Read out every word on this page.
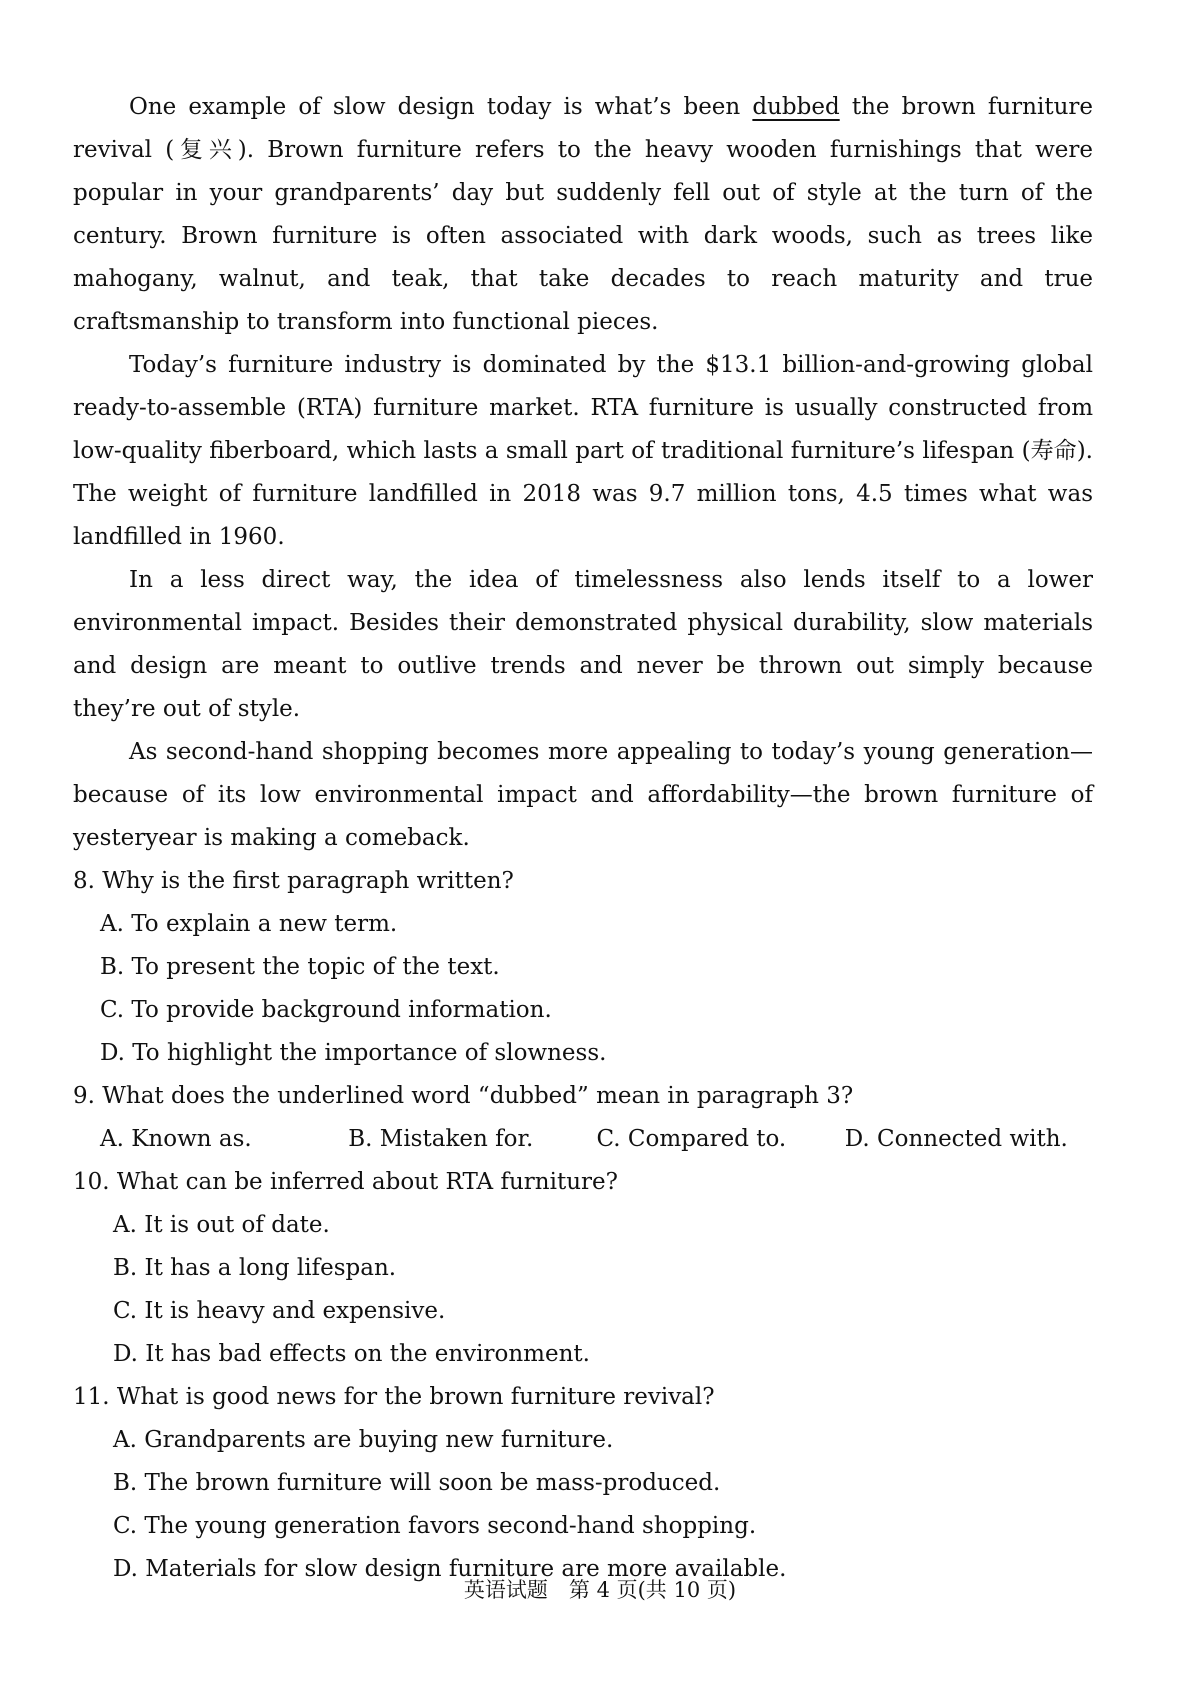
One example of slow design today is what’s been dubbed the brown furniture revival (复兴). Brown furniture refers to the heavy wooden furnishings that were popular in your grandparents’ day but suddenly fell out of style at the turn of the century. Brown furniture is often associated with dark woods, such as trees like mahogany, walnut, and teak, that take decades to reach maturity and true craftsmanship to transform into functional pieces.

Today’s furniture industry is dominated by the $13.1 billion-and-growing global ready-to-assemble (RTA) furniture market. RTA furniture is usually constructed from low-quality fiberboard, which lasts a small part of traditional furniture’s lifespan (寿命). The weight of furniture landfilled in 2018 was 9.7 million tons, 4.5 times what was landfilled in 1960.

In a less direct way, the idea of timelessness also lends itself to a lower environmental impact. Besides their demonstrated physical durability, slow materials and design are meant to outlive trends and never be thrown out simply because they’re out of style.

As second-hand shopping becomes more appealing to today’s young generation—because of its low environmental impact and affordability—the brown furniture of yesteryear is making a comeback.

8. Why is the first paragraph written?

A. To explain a new term.
B. To present the topic of the text.
C. To provide background information.
D. To highlight the importance of slowness.

9. What does the underlined word “dubbed” mean in paragraph 3?

A. Known as.	B. Mistaken for.	C. Compared to.	D. Connected with.

10. What can be inferred about RTA furniture?

A. It is out of date.
B. It has a long lifespan.
C. It is heavy and expensive.
D. It has bad effects on the environment.

11. What is good news for the brown furniture revival?

A. Grandparents are buying new furniture.
B. The brown furniture will soon be mass-produced.
C. The young generation favors second-hand shopping.
D. Materials for slow design furniture are more available.
英语试题　第 4 页(共 10 页)
